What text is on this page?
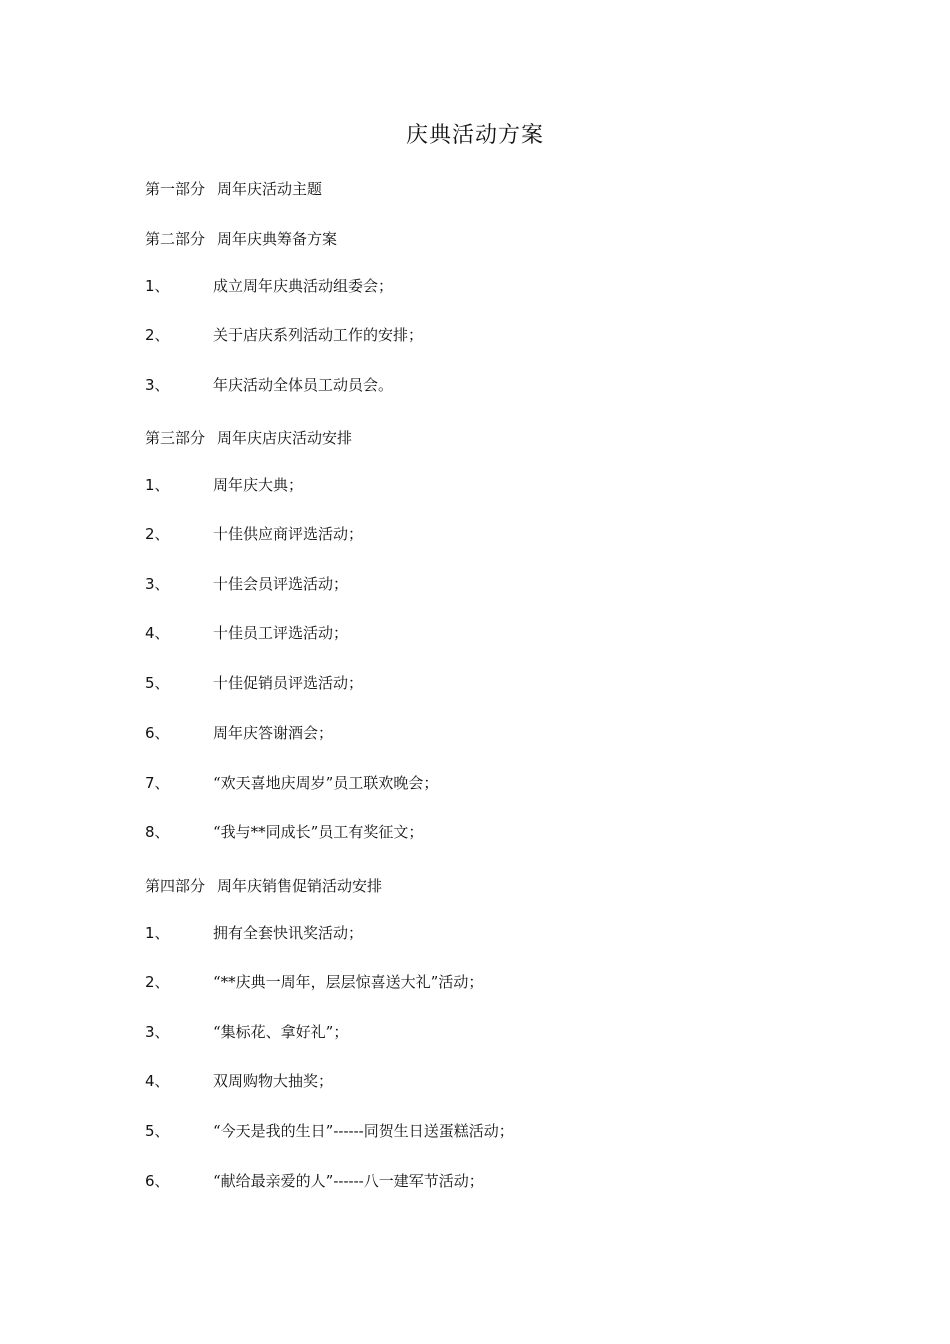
庆典活动方案
第一部分 周年庆活动主题
第二部分 周年庆典筹备方案
1、	成立周年庆典活动组委会；
2、	关于店庆系列活动工作的安排；
3、	年庆活动全体员工动员会。
第三部分 周年庆店庆活动安排
1、	周年庆大典；
2、	十佳供应商评选活动；
3、	十佳会员评选活动；
4、	十佳员工评选活动；
5、	十佳促销员评选活动；
6、	周年庆答谢酒会；
7、	“欢天喜地庆周岁”员工联欢晚会；
8、	“我与**同成长”员工有奖征文；
第四部分 周年庆销售促销活动安排
1、	拥有全套快讯奖活动；
2、	“**庆典一周年，层层惊喜送大礼”活动；
3、	“集标花、拿好礼”；
4、	双周购物大抽奖；
5、	“今天是我的生日”------同贺生日送蛋糕活动；
6、	“献给最亲爱的人”------八一建军节活动；
